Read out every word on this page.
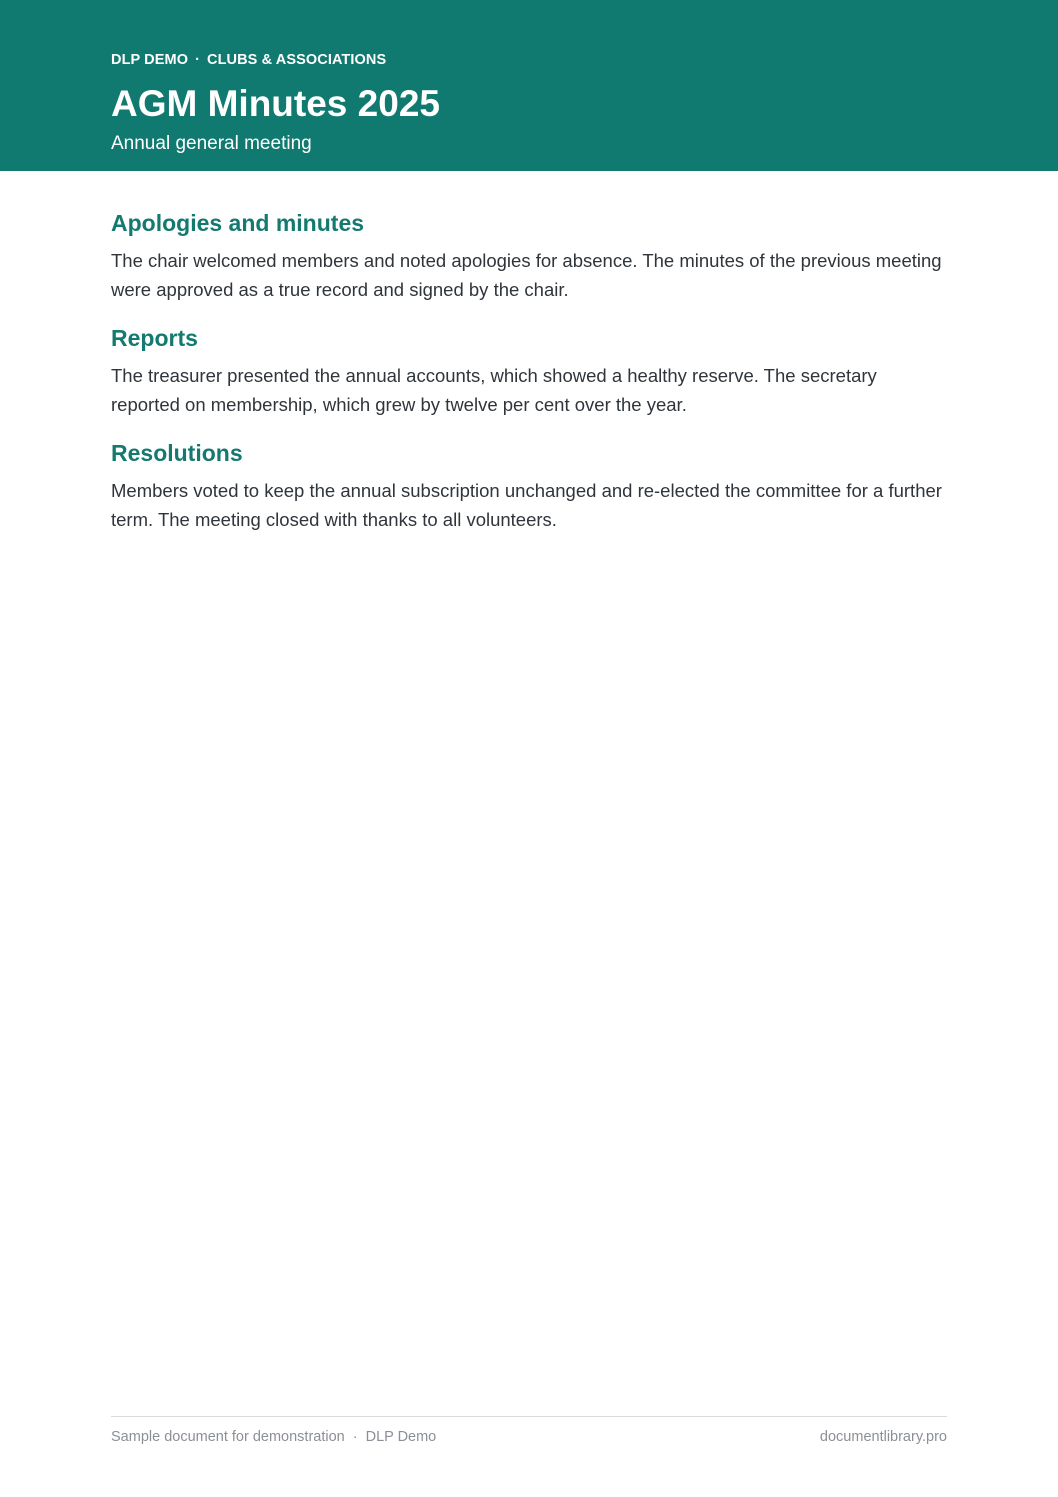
DLP DEMO · CLUBS & ASSOCIATIONS
AGM Minutes 2025
Annual general meeting
Apologies and minutes

The chair welcomed members and noted apologies for absence. The minutes of the previous meeting were approved as a true record and signed by the chair.

Reports

The treasurer presented the annual accounts, which showed a healthy reserve. The secretary reported on membership, which grew by twelve per cent over the year.

Resolutions

Members voted to keep the annual subscription unchanged and re-elected the committee for a further term. The meeting closed with thanks to all volunteers.

Sample document for demonstration · DLP Demo	documentlibrary.pro
